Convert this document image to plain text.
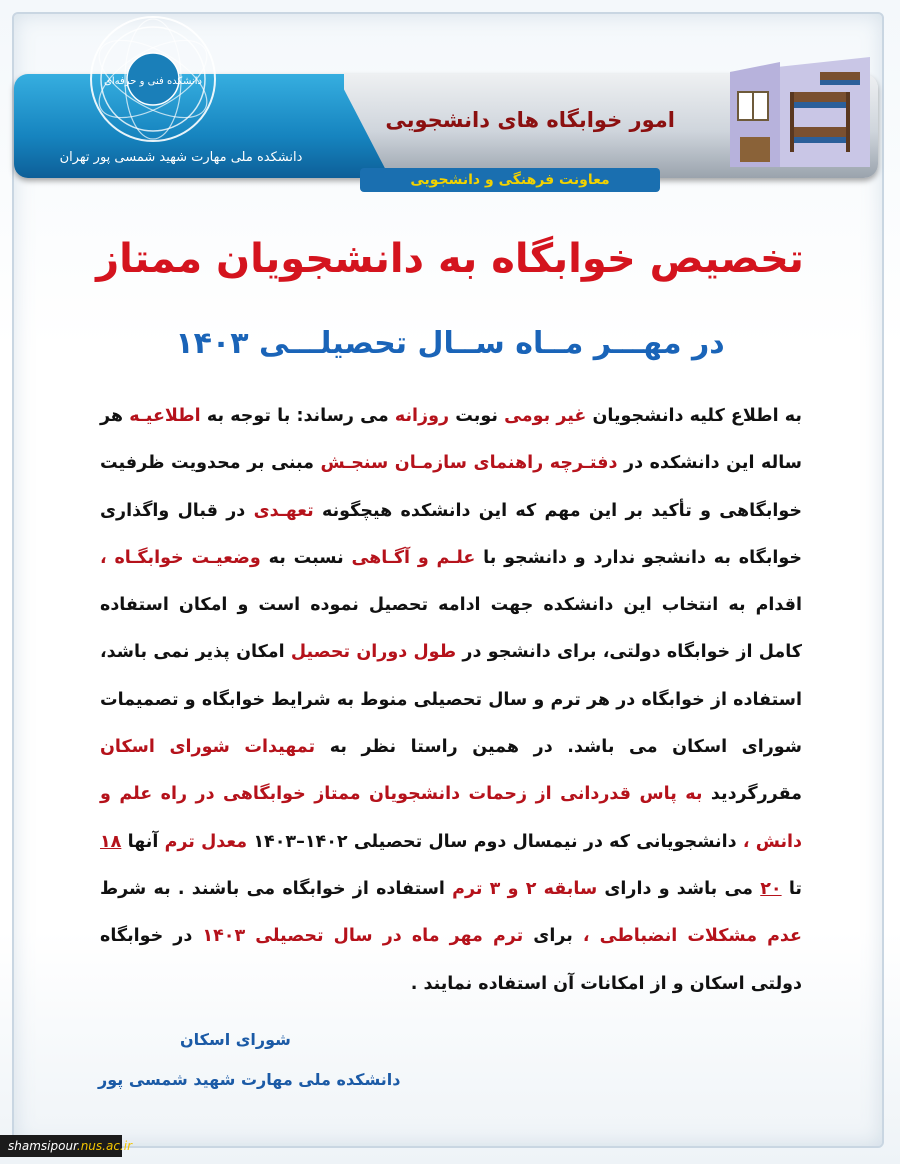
دانشکده فنی و حرفه‌ای
دانشکده ملی مهارت شهید شمسی پور تهران
امور خوابگاه های دانشجویی
معاونت فرهنگی و دانشجویی
تخصیص خوابگاه به دانشجویان ممتاز
در مهـــر مــاه ســال تحصیلـــی ۱۴۰۳
به اطلاع کلیه دانشجویان غیر بومی نوبت روزانه می رساند: با توجه به اطلاعیـه هر ساله این دانشکده در دفتـرچه راهنمای سازمـان سنجـش مبنی بر محدویت ظرفیت خوابگاهی و تأکید بر این مهم که این دانشکده هیچگونه تعهـدی در قبال واگذاری خوابگاه به دانشجو ندارد و دانشجو با علـم و آگـاهی نسبت به وضعیـت خوابگـاه ، اقدام به انتخاب این دانشکده جهت ادامه تحصیل نموده است و امکان استفاده کامل از خوابگاه دولتی، برای دانشجو در طول دوران تحصیل امکان پذیر نمی باشد، استفاده از خوابگاه در هر ترم و سال تحصیلی منوط به شرایط خوابگاه و تصمیمات شورای اسکان می باشد. در همین راستا نظر به تمهیدات شورای اسکان مقررگردید به پاس قدردانی از زحمات دانشجویان ممتاز خوابگاهی در راه علم و دانش ، دانشجویانی که در نیمسال دوم سال تحصیلی ۱۴۰۲–۱۴۰۳ معدل ترم آنها ۱۸ تا ۲۰ می باشد و دارای سابقه ۲ و ۳ ترم استفاده از خوابگاه می باشند . به شرط عدم مشکلات انضباطی ، برای ترم مهر ماه در سال تحصیلی ۱۴۰۳ در خوابگاه دولتی اسکان و از امکانات آن استفاده نمایند .
شورای اسکان
دانشکده ملی مهارت شهید شمسی پور
shamsipour.nus.ac.ir
